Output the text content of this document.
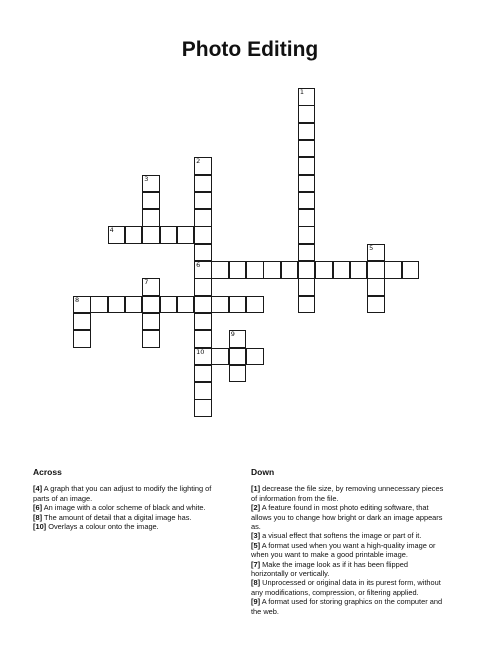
Photo Editing
1
2
6
10
3
4
5
7
8
9
Across

[4] A graph that you can adjust to modify the lighting of parts of an image.

[6] An image with a color scheme of black and white.

[8] The amount of detail that a digital image has.

[10] Overlays a colour onto the image.

Down

[1] decrease the file size, by removing unnecessary pieces of information from the file.

[2] A feature found in most photo editing software, that allows you to change how bright or dark an image appears as.

[3] a visual effect that softens the image or part of it.

[5] A format used when you want a high-quality image or when you want to make a good printable image.

[7] Make the image look as if it has been flipped horizontally or vertically.

[8] Unprocessed or original data in its purest form, without any modifications, compression, or filtering applied.

[9] A format used for storing graphics on the computer and the web.
